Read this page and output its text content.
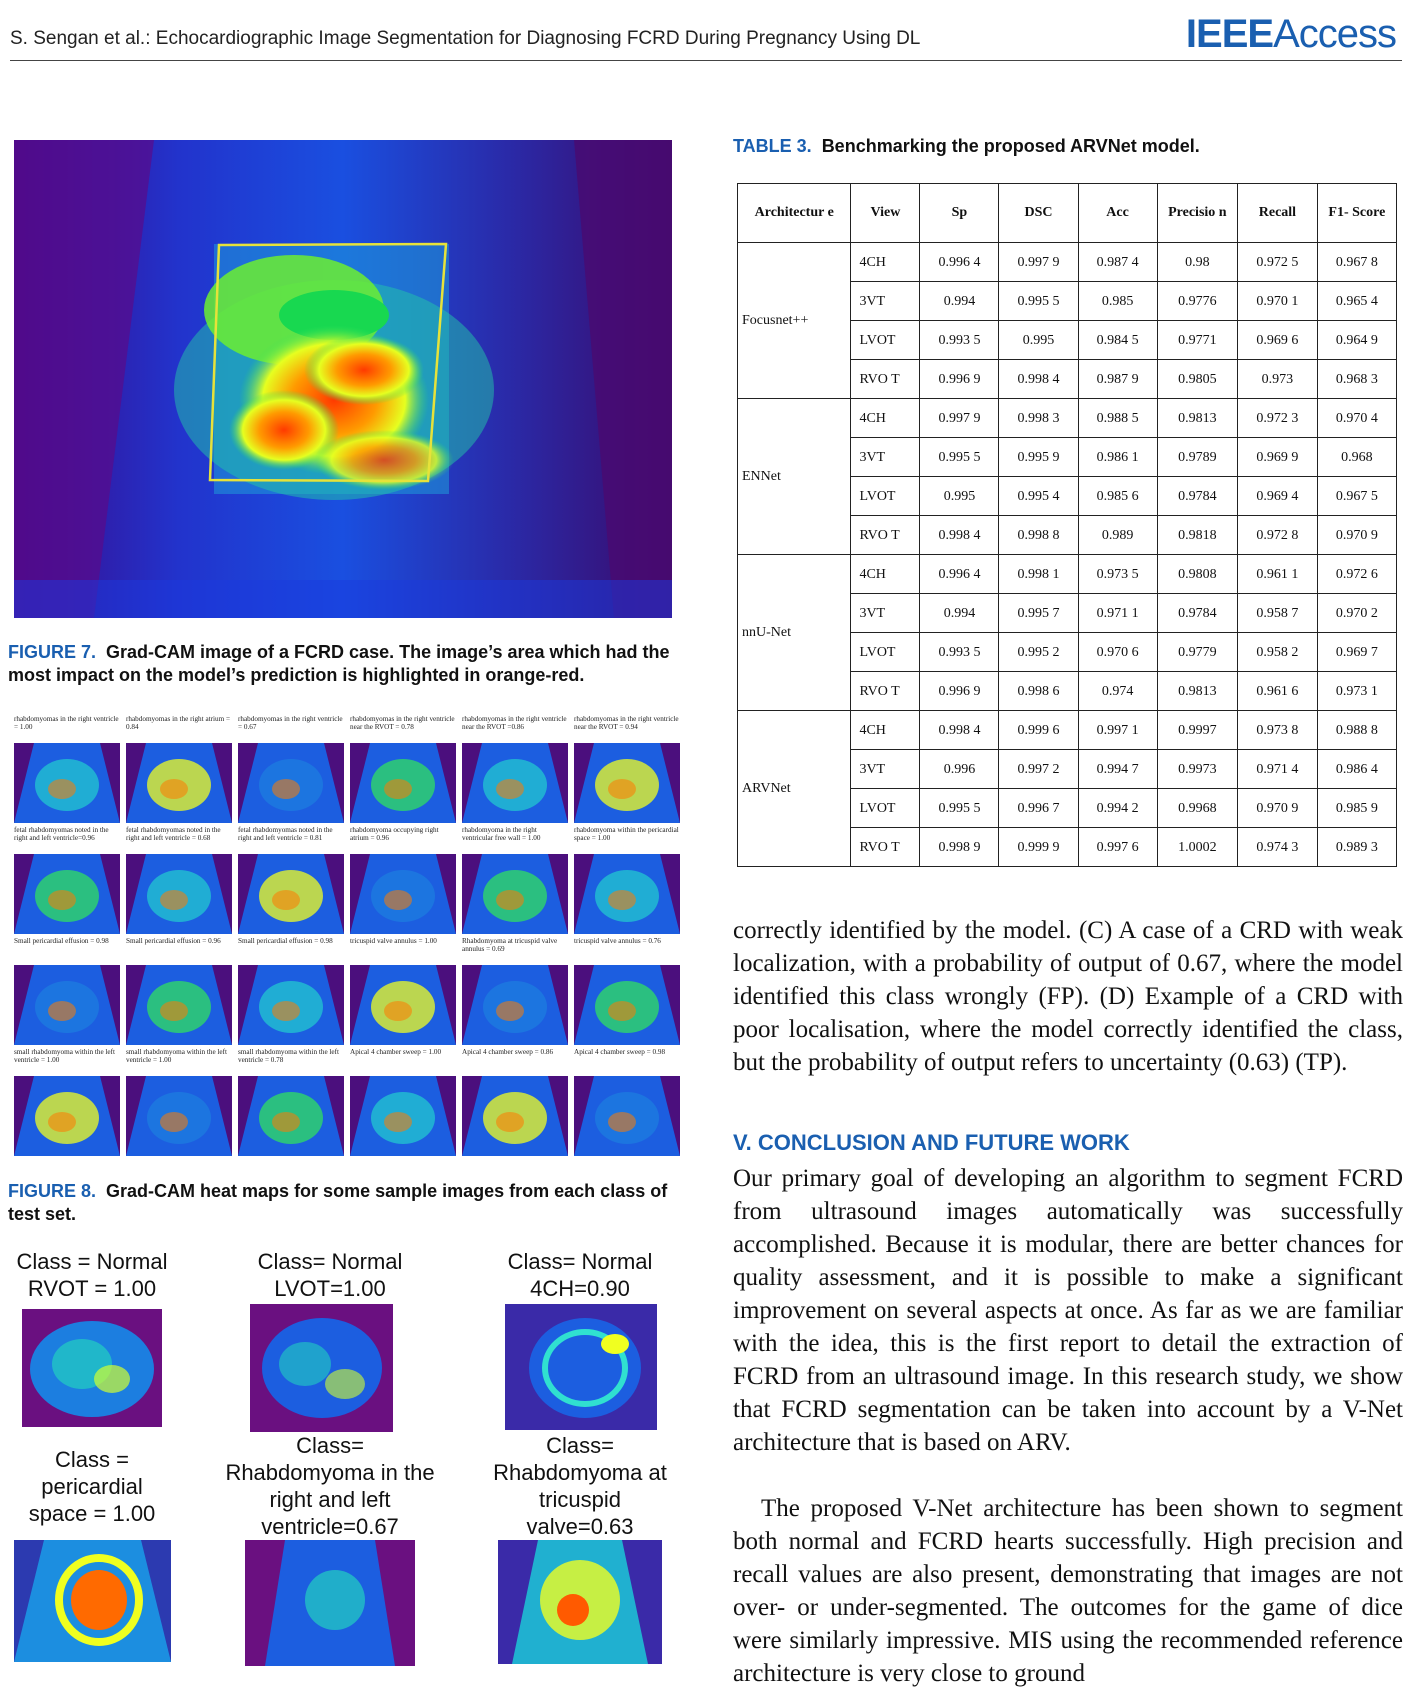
S. Sengan et al.: Echocardiographic Image Segmentation for Diagnosing FCRD During Pregnancy Using DL	IEEEAccess
FIGURE 7. Grad-CAM image of a FCRD case. The image’s area which had the most impact on the model’s prediction is highlighted in orange-red.
rhabdomyomas in the right ventricle = 1.00
rhabdomyomas in the right atrium = 0.84
rhabdomyomas in the right ventricle = 0.67
rhabdomyomas in the right ventricle near the RVOT = 0.78
rhabdomyomas in the right ventricle near the RVOT =0.86
rhabdomyomas in the right ventricle near the RVOT = 0.94
fetal rhabdomyomas noted in the right and left ventricle=0.96
fetal rhabdomyomas noted in the right and left ventricle = 0.68
fetal rhabdomyomas noted in the right and left ventricle = 0.81
rhabdomyoma occupying right atrium = 0.96
rhabdomyoma in the right ventricular free wall = 1.00
rhabdomyoma within the pericardial space = 1.00
Small pericardial effusion = 0.98	Small pericardial effusion = 0.96	Small pericardial effusion = 0.98	tricuspid valve annulus = 1.00	Rhabdomyoma at tricuspid valve annulus = 0.69
tricuspid valve annulus = 0.76
small rhabdomyoma within the left ventricle = 1.00
small rhabdomyoma within the left ventricle = 1.00
small rhabdomyoma within the left ventricle = 0.78
Apical 4 chamber sweep = 1.00	Apical 4 chamber sweep = 0.86	Apical 4 chamber sweep = 0.98
FIGURE 8. Grad-CAM heat maps for some sample images from each class of test set.
Class = Normal
RVOT = 1.00
Class= Normal
LVOT=1.00
Class= Normal
4CH=0.90
Class =
pericardial
space = 1.00
Class=
Rhabdomyoma in the
right and left
ventricle=0.67
Class=
Rhabdomyoma at
tricuspid
valve=0.63
TABLE 3. Benchmarking the proposed ARVNet model.
Architectur e	View	Sp	DSC	Acc	Precisio n	Recall	F1- Score
Focusnet++	4CH	0.996 4	0.997 9	0.987 4	0.98	0.972 5	0.967 8
	3VT	0.994	0.995 5	0.985	0.9776	0.970 1	0.965 4
	LVOT	0.993 5	0.995	0.984 5	0.9771	0.969 6	0.964 9
	RVO T	0.996 9	0.998 4	0.987 9	0.9805	0.973	0.968 3
ENNet	4CH	0.997 9	0.998 3	0.988 5	0.9813	0.972 3	0.970 4
	3VT	0.995 5	0.995 9	0.986 1	0.9789	0.969 9	0.968
	LVOT	0.995	0.995 4	0.985 6	0.9784	0.969 4	0.967 5
	RVO T	0.998 4	0.998 8	0.989	0.9818	0.972 8	0.970 9
nnU-Net	4CH	0.996 4	0.998 1	0.973 5	0.9808	0.961 1	0.972 6
	3VT	0.994	0.995 7	0.971 1	0.9784	0.958 7	0.970 2
	LVOT	0.993 5	0.995 2	0.970 6	0.9779	0.958 2	0.969 7
	RVO T	0.996 9	0.998 6	0.974	0.9813	0.961 6	0.973 1
ARVNet	4CH	0.998 4	0.999 6	0.997 1	0.9997	0.973 8	0.988 8
	3VT	0.996	0.997 2	0.994 7	0.9973	0.971 4	0.986 4
	LVOT	0.995 5	0.996 7	0.994 2	0.9968	0.970 9	0.985 9
	RVO T	0.998 9	0.999 9	0.997 6	1.0002	0.974 3	0.989 3
correctly identified by the model. (C) A case of a CRD with weak localization, with a probability of output of 0.67, where the model identified this class wrongly (FP). (D) Example of a CRD with poor localisation, where the model correctly identified the class, but the probability of output refers to uncertainty (0.63) (TP).
V. CONCLUSION AND FUTURE WORK
Our primary goal of developing an algorithm to segment FCRD from ultrasound images automatically was successfully accomplished. Because it is modular, there are better chances for quality assessment, and it is possible to make a significant improvement on several aspects at once. As far as we are familiar with the idea, this is the first report to detail the extraction of FCRD from an ultrasound image. In this research study, we show that FCRD segmentation can be taken into account by a V-Net architecture that is based on ARV.
The proposed V-Net architecture has been shown to segment both normal and FCRD hearts successfully. High precision and recall values are also present, demonstrating that images are not over- or under-segmented. The outcomes for the game of dice were similarly impressive. MIS using the recommended reference architecture is very close to ground
